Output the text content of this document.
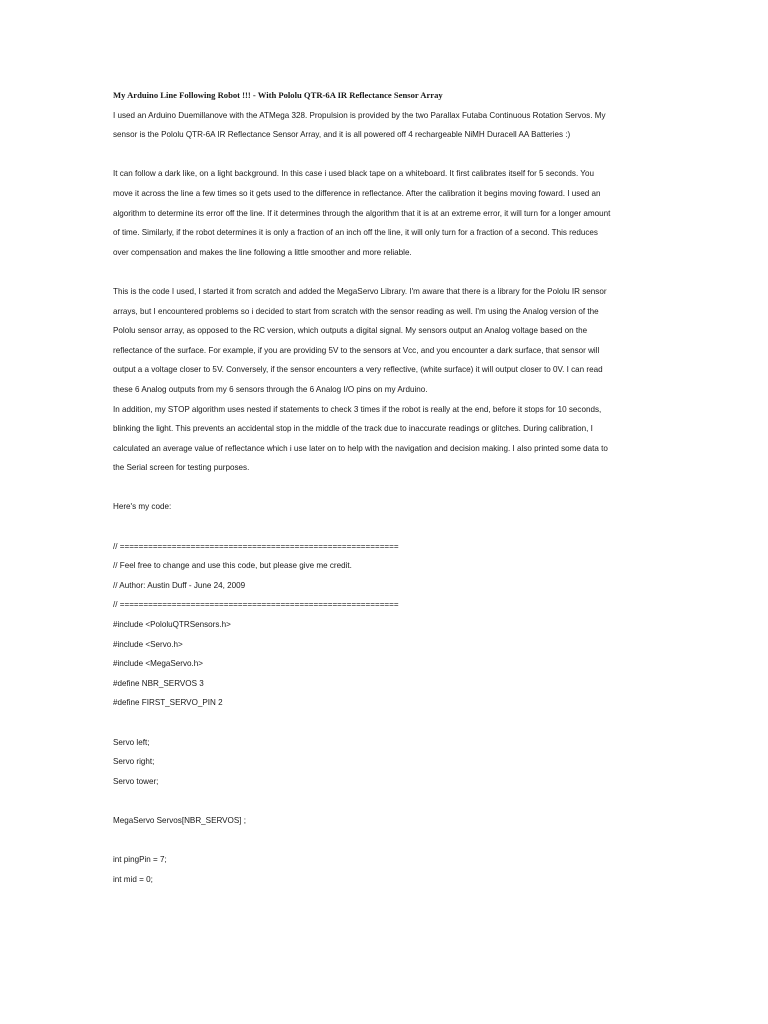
My Arduino Line Following Robot !!! - With Pololu QTR-6A IR Reflectance Sensor Array
I used an Arduino Duemillanove with the ATMega 328. Propulsion is provided by the two Parallax Futaba Continuous Rotation Servos. My
sensor is the Pololu QTR-6A IR Reflectance Sensor Array, and it is all powered off 4 rechargeable NiMH Duracell AA Batteries :)
It can follow a dark like, on a light background. In this case i used black tape on a whiteboard. It first calibrates itself for 5 seconds. You
move it across the line a few times so it gets used to the difference in reflectance. After the calibration it begins moving foward. I used an
algorithm to determine its error off the line. If it determines through the algorithm that it is at an extreme error, it will turn for a longer amount
of time. Similarly, if the robot determines it is only a fraction of an inch off the line, it will only turn for a fraction of a second. This reduces
over compensation and makes the line following a little smoother and more reliable.
This is the code I used, I started it from scratch and added the MegaServo Library. I'm aware that there is a library for the Pololu IR sensor
arrays, but I encountered problems so i decided to start from scratch with the sensor reading as well. I'm using the Analog version of the
Pololu sensor array, as opposed to the RC version, which outputs a digital signal. My sensors output an Analog voltage based on the
reflectance of the surface. For example, if you are providing 5V to the sensors at Vcc, and you encounter a dark surface, that sensor will
output a a voltage closer to 5V. Conversely, if the sensor encounters a very reflective, (white surface) it will output closer to 0V. I can read
these 6 Analog outputs from my 6 sensors through the 6 Analog I/O pins on my Arduino.
In addition, my STOP algorithm uses nested if statements to check 3 times if the robot is really at the end, before it stops for 10 seconds,
blinking the light. This prevents an accidental stop in the middle of the track due to inaccurate readings or glitches. During calibration, I
calculated an average value of reflectance which i use later on to help with the navigation and decision making. I also printed some data to
the Serial screen for testing purposes.
Here's my code:
// ===========================================================
// Feel free to change and use this code, but please give me credit.
// Author: Austin Duff - June 24, 2009
// ===========================================================
#include <PololuQTRSensors.h>
#include <Servo.h>
#include <MegaServo.h>
#define NBR_SERVOS 3
#define FIRST_SERVO_PIN 2
Servo left;
Servo right;
Servo tower;
MegaServo Servos[NBR_SERVOS] ;
int pingPin = 7;
int mid = 0;
